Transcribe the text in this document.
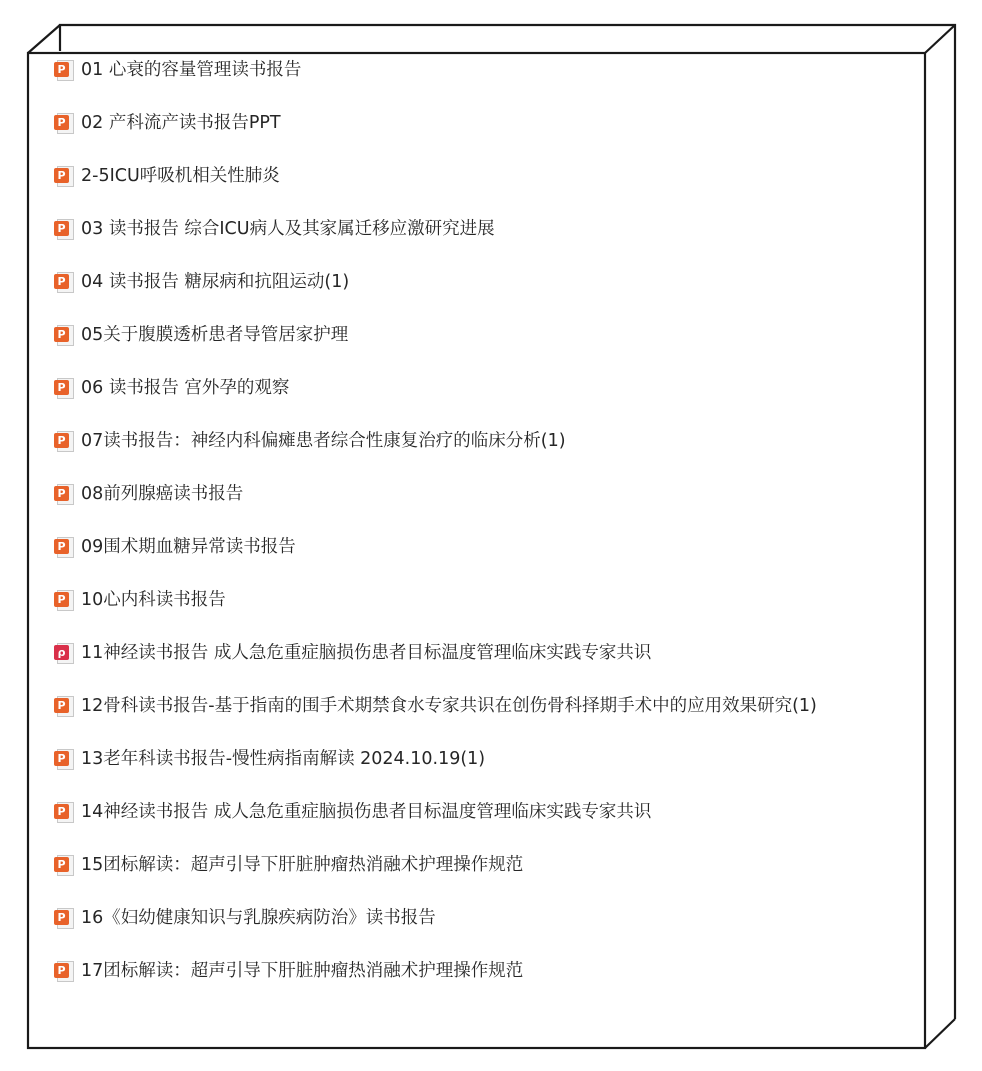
P 01 心衰的容量管理读书报告
P 02 产科流产读书报告PPT
P 2-5ICU呼吸机相关性肺炎
P 03 读书报告 综合ICU病人及其家属迁移应激研究进展
P 04 读书报告 糖尿病和抗阻运动(1)
P 05关于腹膜透析患者导管居家护理
P 06 读书报告 宫外孕的观察
P 07读书报告：神经内科偏瘫患者综合性康复治疗的临床分析(1)
P 08前列腺癌读书报告
P 09围术期血糖异常读书报告
P 10心内科读书报告
ρ 11神经读书报告 成人急危重症脑损伤患者目标温度管理临床实践专家共识
P 12骨科读书报告-基于指南的围手术期禁食水专家共识在创伤骨科择期手术中的应用效果研究(1)
P 13老年科读书报告-慢性病指南解读 2024.10.19(1)
P 14神经读书报告 成人急危重症脑损伤患者目标温度管理临床实践专家共识
P 15团标解读：超声引导下肝脏肿瘤热消融术护理操作规范
P 16《妇幼健康知识与乳腺疾病防治》读书报告
P 17团标解读：超声引导下肝脏肿瘤热消融术护理操作规范
